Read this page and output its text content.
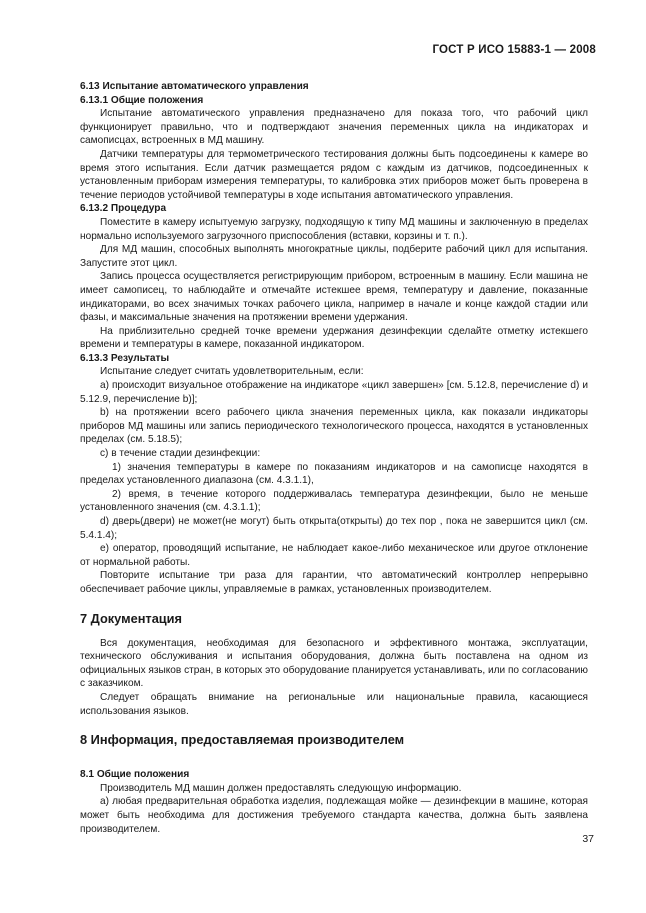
ГОСТ Р ИСО 15883-1 — 2008

6.13 Испытание автоматического управления

6.13.1 Общие положения

Испытание автоматического управления предназначено для показа того, что рабочий цикл функционирует правильно, что и подтверждают значения переменных цикла на индикаторах и самописцах, встроенных в МД машину.

Датчики температуры для термометрического тестирования должны быть подсоединены к камере во время этого испытания. Если датчик размещается рядом с каждым из датчиков, подсоединенных к установленным приборам измерения температуры, то калибровка этих приборов может быть проверена в течение периодов устойчивой температуры в ходе испытания автоматического управления.

6.13.2 Процедура

Поместите в камеру испытуемую загрузку, подходящую к типу МД машины и заключенную в пределах нормально используемого загрузочного приспособления (вставки, корзины и т. п.).

Для МД машин, способных выполнять многократные циклы, подберите рабочий цикл для испытания. Запустите этот цикл.

Запись процесса осуществляется регистрирующим прибором, встроенным в машину. Если машина не имеет самописец, то наблюдайте и отмечайте истекшее время, температуру и давление, показанные индикаторами, во всех значимых точках рабочего цикла, например в начале и конце каждой стадии или фазы, и максимальные значения на протяжении времени удержания.

На приблизительно средней точке времени удержания дезинфекции сделайте отметку истекшего времени и температуры в камере, показанной индикатором.

6.13.3 Результаты

Испытание следует считать удовлетворительным, если:

а) происходит визуальное отображение на индикаторе «цикл завершен» [см. 5.12.8, перечисление d) и 5.12.9, перечисление b)];

b) на протяжении всего рабочего цикла значения переменных цикла, как показали индикаторы приборов МД машины или запись периодического технологического процесса, находятся в установленных пределах (см. 5.18.5);

с) в течение стадии дезинфекции:

1) значения температуры в камере по показаниям индикаторов и на самописце находятся в пределах установленного диапазона (см. 4.3.1.1),

2) время, в течение которого поддерживалась температура дезинфекции, было не меньше установленного значения (см. 4.3.1.1);

d) дверь(двери) не может(не могут) быть открыта(открыты) до тех пор , пока не завершится цикл (см. 5.4.1.4);

е) оператор, проводящий испытание, не наблюдает какое-либо механическое или другое отклонение от нормальной работы.

Повторите испытание три раза для гарантии, что автоматический контроллер непрерывно обеспечивает рабочие циклы, управляемые в рамках, установленных производителем.

7 Документация

Вся документация, необходимая для безопасного и эффективного монтажа, эксплуатации, технического обслуживания и испытания оборудования, должна быть поставлена на одном из официальных языков стран, в которых это оборудование планируется устанавливать, или по согласованию с заказчиком.

Следует обращать внимание на региональные или национальные правила, касающиеся использования языков.

8 Информация, предоставляемая производителем

8.1 Общие положения

Производитель МД машин должен предоставлять следующую информацию.

а) любая предварительная обработка изделия, подлежащая мойке — дезинфекции в машине, которая может быть необходима для достижения требуемого стандарта качества, должна быть заявлена производителем.

37
